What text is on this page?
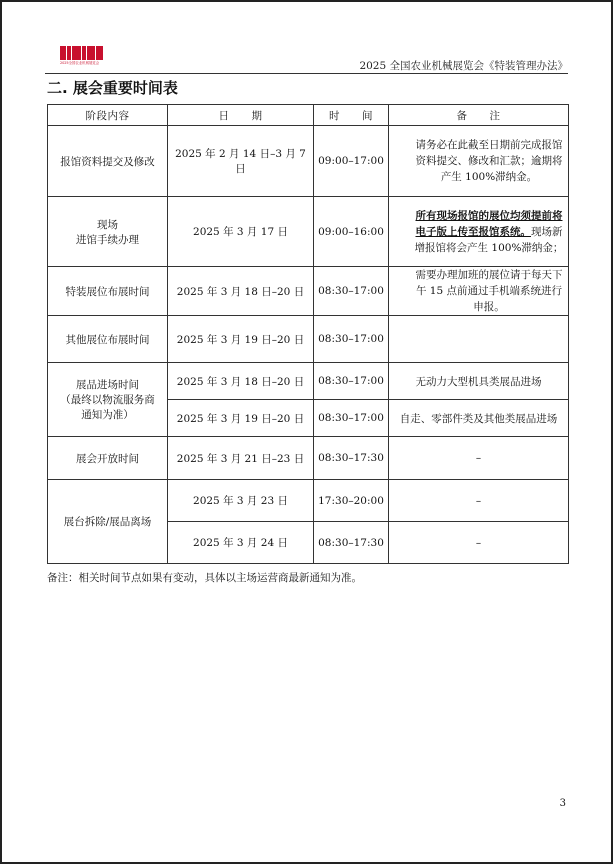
2025全国农业机械展览会	2025 全国农业机械展览会《特装管理办法》
二. 展会重要时间表
阶段内容	日　　期	时　　间	备　　注
报馆资料提交及修改	2025 年 2 月 14 日–3 月 7 日	09:00–17:00	请务必在此截至日期前完成报馆资料提交、修改和汇款；逾期将产生 100%滞纳金。

现场
进馆手续办理	2025 年 3 月 17 日	09:00–16:00	所有现场报馆的展位均须提前将电子版上传至报馆系统。现场新增报馆将会产生 100%滞纳金；

特装展位布展时间	2025 年 3 月 18 日–20 日	08:30–17:00	需要办理加班的展位请于每天下午 15 点前通过手机端系统进行申报。

其他展位布展时间	2025 年 3 月 19 日–20 日	08:30–17:00	

展品进场时间
（最终以物流服务商
通知为准）	2025 年 3 月 18 日–20 日	08:30–17:00	无动力大型机具类展品进场
	2025 年 3 月 19 日–20 日	08:30–17:00	自走、零部件类及其他类展品进场
展会开放时间	2025 年 3 月 21 日–23 日	08:30–17:30	–
展台拆除/展品离场	2025 年 3 月 23 日	17:30–20:00	–
	2025 年 3 月 24 日	08:30–17:30	–
备注：相关时间节点如果有变动，具体以主场运营商最新通知为准。
3
